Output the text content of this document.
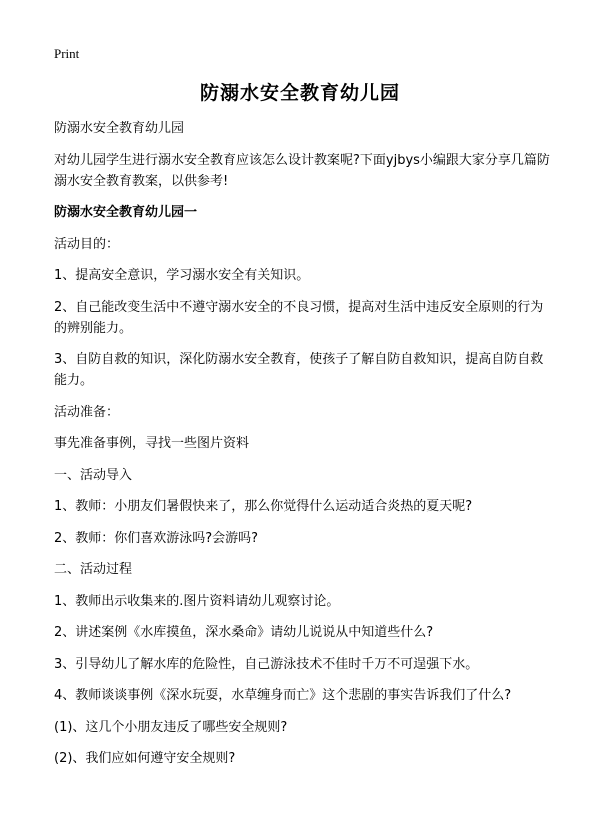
Print
防溺水安全教育幼儿园

防溺水安全教育幼儿园

对幼儿园学生进行溺水安全教育应该怎么设计教案呢?下面yjbys小编跟大家分享几篇防溺水安全教育教案，以供参考!

防溺水安全教育幼儿园一

活动目的：

1、提高安全意识，学习溺水安全有关知识。

2、自己能改变生活中不遵守溺水安全的不良习惯，提高对生活中违反安全原则的行为的辨别能力。

3、自防自救的知识，深化防溺水安全教育，使孩子了解自防自救知识，提高自防自救能力。

活动准备：

事先准备事例，寻找一些图片资料

一、活动导入

1、教师：小朋友们暑假快来了，那么你觉得什么运动适合炎热的夏天呢?

2、教师：你们喜欢游泳吗?会游吗?

二、活动过程

1、教师出示收集来的.图片资料请幼儿观察讨论。

2、讲述案例《水库摸鱼，深水桑命》请幼儿说说从中知道些什么?

3、引导幼儿了解水库的危险性，自己游泳技术不佳时千万不可逞强下水。

4、教师谈谈事例《深水玩耍，水草缠身而亡》这个悲剧的事实告诉我们了什么?

(1)、这几个小朋友违反了哪些安全规则?

(2)、我们应如何遵守安全规则?
